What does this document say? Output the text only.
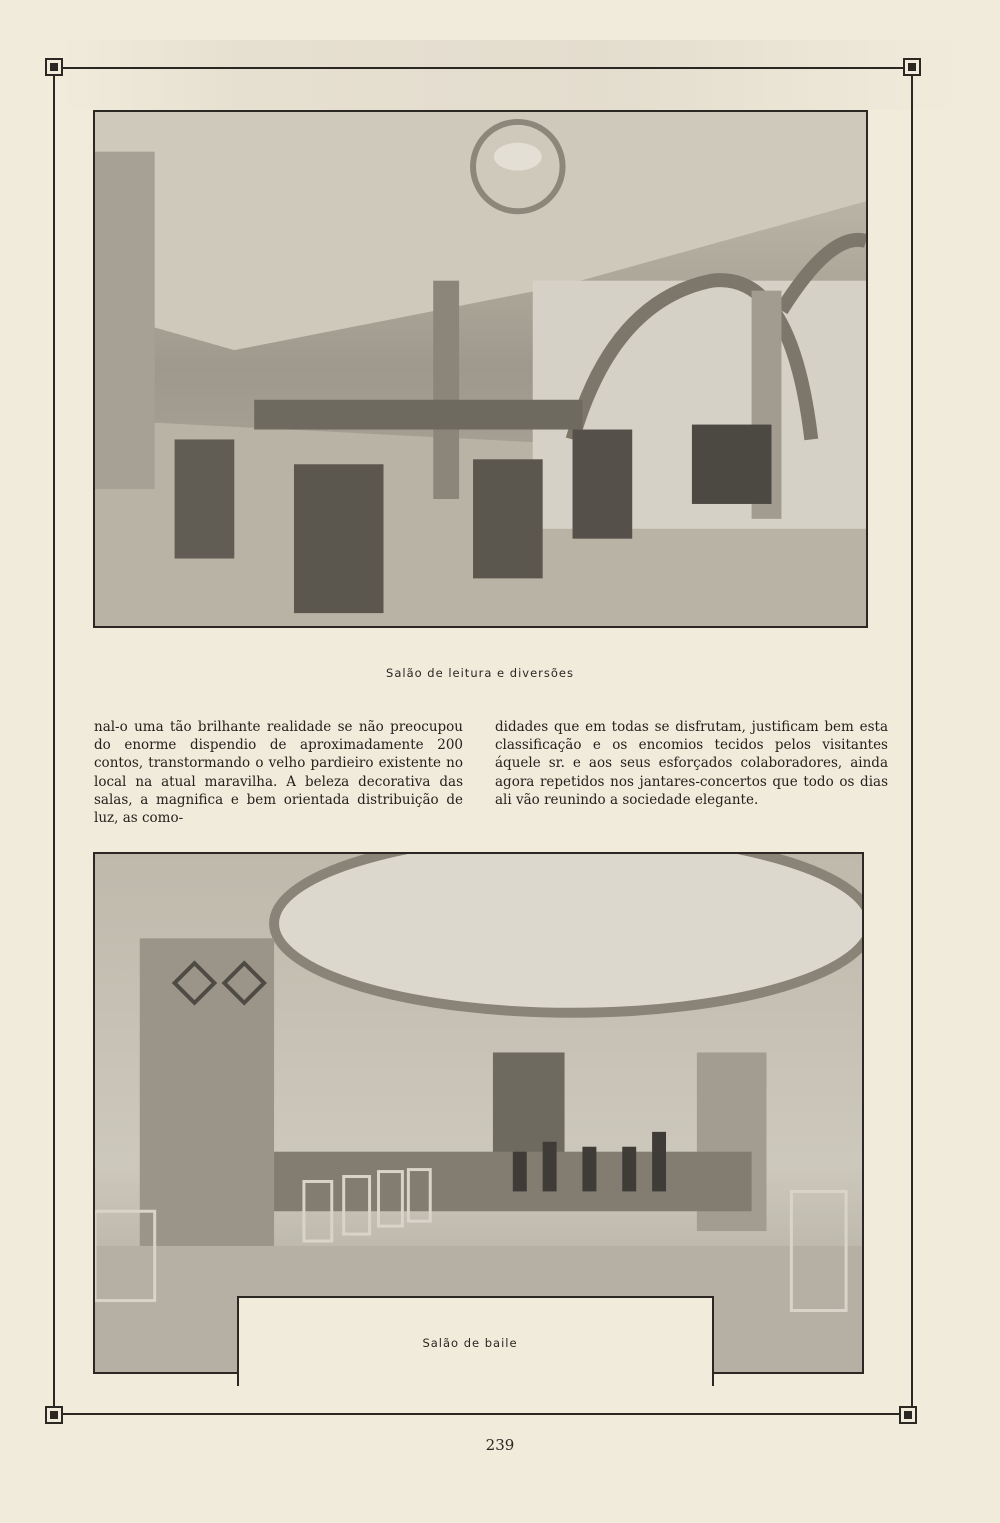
Salão de leitura e diversões

nal-o uma tão brilhante realidade se não preocupou do enorme dispendio de aproximadamente 200 contos, transtormando o velho pardieiro existente no local na atual maravilha. A beleza decorativa das salas, a magnifica e bem orientada distribuição de luz, as como-

didades que em todas se disfrutam, justificam bem esta classificação e os encomios tecidos pelos visitantes áquele sr. e aos seus esforçados colaboradores, ainda agora repetidos nos jantares-concertos que todo os dias ali vão reunindo a sociedade elegante.

Salão de baile
239
